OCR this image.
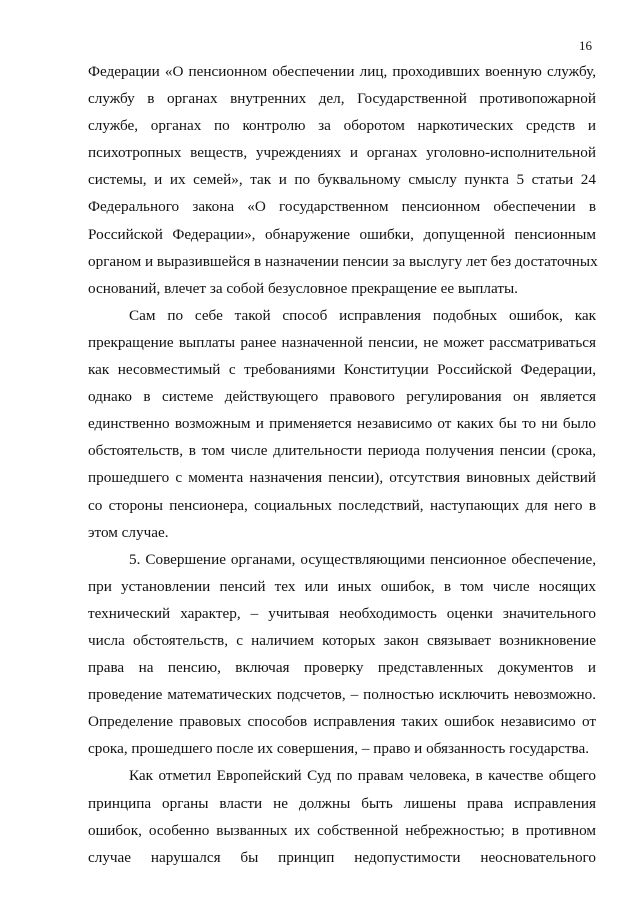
16
Федерации «О пенсионном обеспечении лиц, проходивших военную службу,
службу в органах внутренних дел, Государственной противопожарной
службе, органах по контролю за оборотом наркотических средств и
психотропных веществ, учреждениях и органах уголовно-исполнительной
системы, и их семей», так и по буквальному смыслу пункта 5 статьи 24
Федерального закона «О государственном пенсионном обеспечении в
Российской Федерации», обнаружение ошибки, допущенной пенсионным
органом и выразившейся в назначении пенсии за выслугу лет без достаточных
оснований, влечет за собой безусловное прекращение ее выплаты.
Сам по себе такой способ исправления подобных ошибок, как
прекращение выплаты ранее назначенной пенсии, не может рассматриваться
как несовместимый с требованиями Конституции Российской Федерации,
однако в системе действующего правового регулирования он является
единственно возможным и применяется независимо от каких бы то ни было
обстоятельств, в том числе длительности периода получения пенсии (срока,
прошедшего с момента назначения пенсии), отсутствия виновных действий
со стороны пенсионера, социальных последствий, наступающих для него в
этом случае.
5. Совершение органами, осуществляющими пенсионное обеспечение,
при установлении пенсий тех или иных ошибок, в том числе носящих
технический характер, – учитывая необходимость оценки значительного
числа обстоятельств, с наличием которых закон связывает возникновение
права на пенсию, включая проверку представленных документов и
проведение математических подсчетов, – полностью исключить невозможно.
Определение правовых способов исправления таких ошибок независимо от
срока, прошедшего после их совершения, – право и обязанность государства.
Как отметил Европейский Суд по правам человека, в качестве общего
принципа органы власти не должны быть лишены права исправления
ошибок, особенно вызванных их собственной небрежностью; в противном
случае нарушался бы принцип недопустимости неосновательного
